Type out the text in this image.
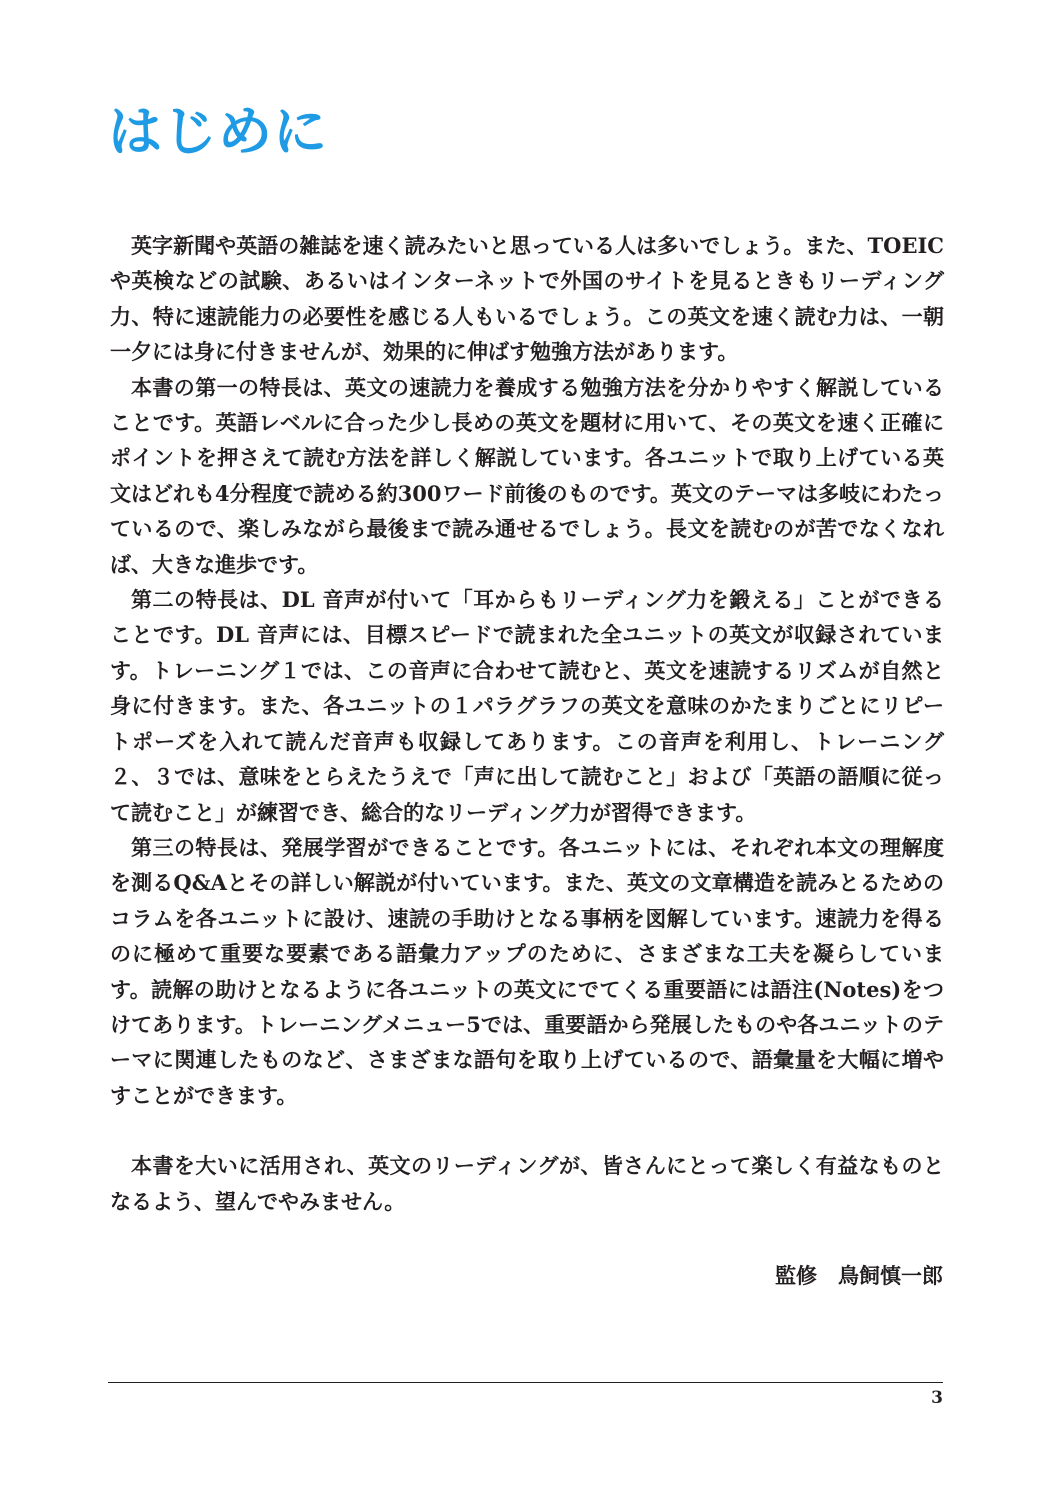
はじめに

英字新聞や英語の雑誌を速く読みたいと思っている人は多いでしょう。また、TOEIC や英検などの試験、あるいはインターネットで外国のサイトを見るときもリーディング力、特に速読能力の必要性を感じる人もいるでしょう。この英文を速く読む力は、一朝一夕には身に付きませんが、効果的に伸ばす勉強方法があります。

本書の第一の特長は、英文の速読力を養成する勉強方法を分かりやすく解説していることです。英語レベルに合った少し長めの英文を題材に用いて、その英文を速く正確にポイントを押さえて読む方法を詳しく解説しています。各ユニットで取り上げている英文はどれも4分程度で読める約300ワード前後のものです。英文のテーマは多岐にわたっているので、楽しみながら最後まで読み通せるでしょう。長文を読むのが苦でなくなれば、大きな進歩です。

第二の特長は、DL 音声が付いて「耳からもリーディング力を鍛える」ことができることです。DL 音声には、目標スピードで読まれた全ユニットの英文が収録されています。トレーニング１では、この音声に合わせて読むと、英文を速読するリズムが自然と身に付きます。また、各ユニットの１パラグラフの英文を意味のかたまりごとにリピートポーズを入れて読んだ音声も収録してあります。この音声を利用し、トレーニング２、３では、意味をとらえたうえで「声に出して読むこと」および「英語の語順に従って読むこと」が練習でき、総合的なリーディング力が習得できます。

第三の特長は、発展学習ができることです。各ユニットには、それぞれ本文の理解度を測るQ&Aとその詳しい解説が付いています。また、英文の文章構造を読みとるためのコラムを各ユニットに設け、速読の手助けとなる事柄を図解しています。速読力を得るのに極めて重要な要素である語彙力アップのために、さまざまな工夫を凝らしています。読解の助けとなるように各ユニットの英文にでてくる重要語には語注(Notes)をつけてあります。トレーニングメニュー5では、重要語から発展したものや各ユニットのテーマに関連したものなど、さまざまな語句を取り上げているので、語彙量を大幅に増やすことができます。

本書を大いに活用され、英文のリーディングが、皆さんにとって楽しく有益なものとなるよう、望んでやみません。

監修　鳥飼慎一郎
3
